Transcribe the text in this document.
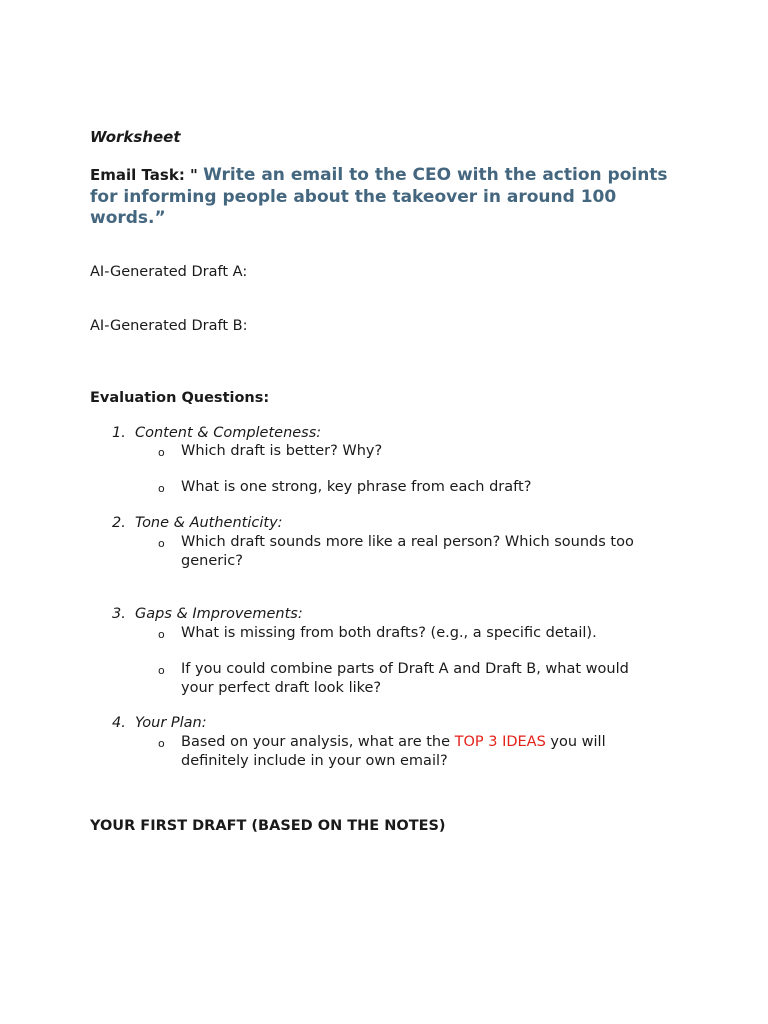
Worksheet
Email Task: " Write an email to the CEO with the action points for informing people about the takeover in around 100 words.”
AI-Generated Draft A:
AI-Generated Draft B:
Evaluation Questions:
1. Content & Completeness:
o Which draft is better? Why?
o What is one strong, key phrase from each draft?
2. Tone & Authenticity:
o Which draft sounds more like a real person? Which sounds too generic?
3. Gaps & Improvements:
o What is missing from both drafts? (e.g., a specific detail).
o If you could combine parts of Draft A and Draft B, what would your perfect draft look like?
4. Your Plan:
o Based on your analysis, what are the TOP 3 IDEAS you will definitely include in your own email?
YOUR FIRST DRAFT (BASED ON THE NOTES)
